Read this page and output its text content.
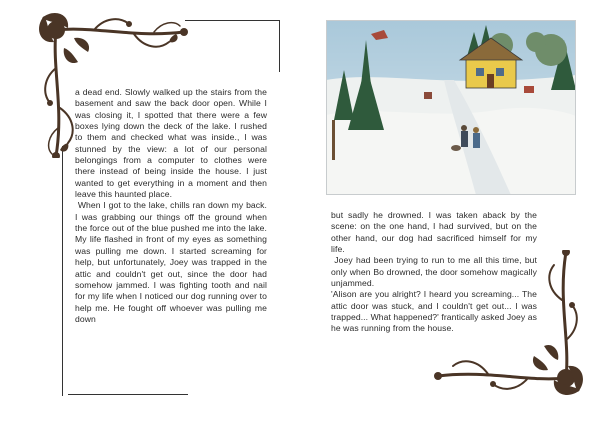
a dead end. Slowly walked up the stairs from the basement and saw the back door open. While I was closing it, I spotted that there were a few boxes lying down the deck of the lake. I rushed to them and checked what was inside., I was stunned by the view: a lot of our personal belongings from a computer to clothes were there instead of being inside the house. I just wanted to get everything in a moment and then leave this haunted place.

When I got to the lake, chills ran down my back. I was grabbing our things off the ground when the force out of the blue pushed me into the lake. My life flashed in front of my eyes as something was pulling me down. I started screaming for help, but unfortunately, Joey was trapped in the attic and couldn't get out, since the door had somehow jammed. I was fighting tooth and nail for my life when I noticed our dog running over to help me. He fought off whoever was pulling me down

but sadly he drowned. I was taken aback by the scene: on the one hand, I had survived, but on the other hand, our dog had sacrificed himself for my life.

Joey had been trying to run to me all this time, but only when Bo drowned, the door somehow magically unjammed.

'Alison are you alright? I heard you screaming... The attic door was stuck, and I couldn't get out... I was trapped... What happened?' frantically asked Joey as he was running from the house.
